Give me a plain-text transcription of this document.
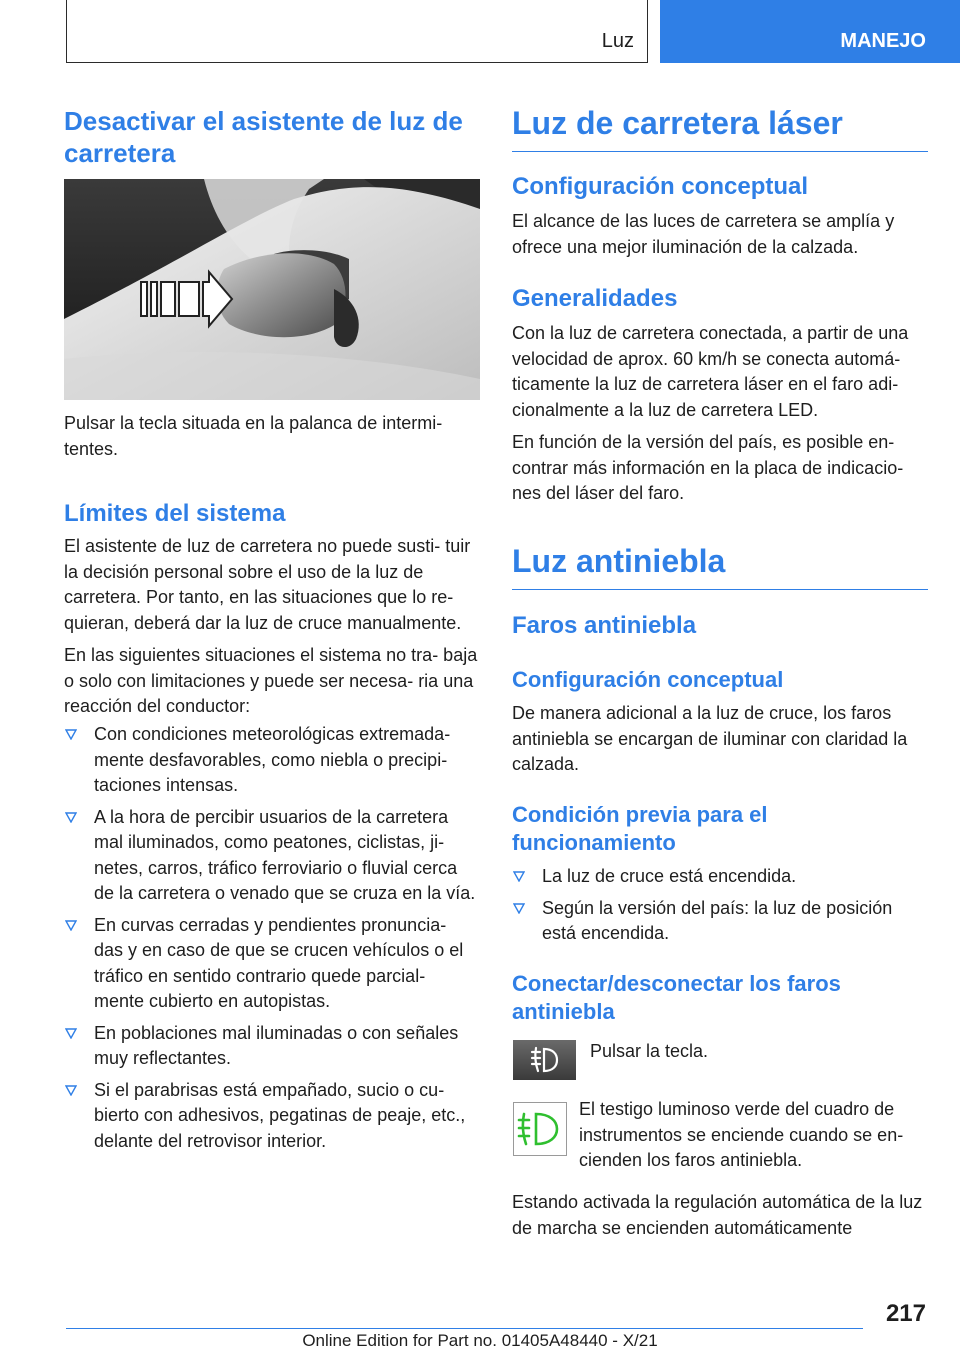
Luz	MANEJO
Desactivar el asistente de luz de carretera

Pulsar la tecla situada en la palanca de intermi- tentes.

Límites del sistema

El asistente de luz de carretera no puede susti- tuir la decisión personal sobre el uso de la luz de carretera. Por tanto, en las situaciones que lo re- quieran, deberá dar la luz de cruce manualmente.

En las siguientes situaciones el sistema no tra- baja o solo con limitaciones y puede ser necesa- ria una reacción del conductor:

Con condiciones meteorológicas extremada- mente desfavorables, como niebla o precipi- taciones intensas.
A la hora de percibir usuarios de la carretera mal iluminados, como peatones, ciclistas, ji- netes, carros, tráfico ferroviario o fluvial cerca de la carretera o venado que se cruza en la vía.
En curvas cerradas y pendientes pronuncia- das y en caso de que se crucen vehículos o el tráfico en sentido contrario quede parcial- mente cubierto en autopistas.
En poblaciones mal iluminadas o con señales muy reflectantes.
Si el parabrisas está empañado, sucio o cu- bierto con adhesivos, pegatinas de peaje, etc., delante del retrovisor interior.
Luz de carretera láser
Configuración conceptual

El alcance de las luces de carretera se amplía y ofrece una mejor iluminación de la calzada.

Generalidades

Con la luz de carretera conectada, a partir de una velocidad de aprox. 60 km/h se conecta automá- ticamente la luz de carretera láser en el faro adi- cionalmente a la luz de carretera LED.

En función de la versión del país, es posible en- contrar más información en la placa de indicacio- nes del láser del faro.

Luz antiniebla
Faros antiniebla
Configuración conceptual

De manera adicional a la luz de cruce, los faros antiniebla se encargan de iluminar con claridad la calzada.

Condición previa para el funcionamiento
La luz de cruce está encendida.
Según la versión del país: la luz de posición está encendida.
Conectar/desconectar los faros antiniebla

Pulsar la tecla.

El testigo luminoso verde del cuadro de instrumentos se enciende cuando se en- cienden los faros antiniebla.

Estando activada la regulación automática de la luz de marcha se encienden automáticamente

217
Online Edition for Part no. 01405A48440 - X/21
